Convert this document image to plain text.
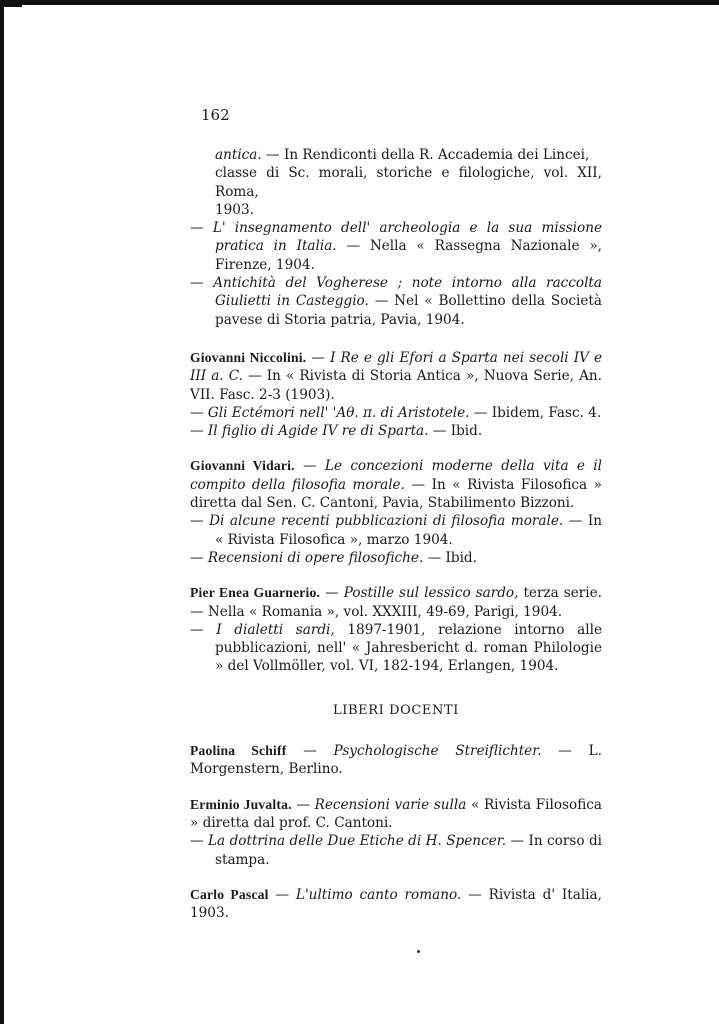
162
antica. — In Rendiconti della R. Accademia dei Lincei,
classe di Sc. morali, storiche e filologiche, vol. XII, Roma,
1903.
— L' insegnamento dell' archeologia e la sua missione pratica in Italia. — Nella « Rassegna Nazionale », Firenze, 1904.
— Antichità del Vogherese ; note intorno alla raccolta Giulietti in Casteggio. — Nel « Bollettino della Società pavese di Storia patria, Pavia, 1904.
Giovanni Niccolini. — I Re e gli Efori a Sparta nei secoli IV e III a. C. — In « Rivista di Storia Antica », Nuova Serie, An. VII. Fasc. 2-3 (1903).
— Gli Ectémori nell' 'Αθ. π. di Aristotele. — Ibidem, Fasc. 4.
— Il figlio di Agide IV re di Sparta. — Ibid.
Giovanni Vidari. — Le concezioni moderne della vita e il compito della filosofia morale. — In « Rivista Filosofica » diretta dal Sen. C. Cantoni, Pavia, Stabilimento Bizzoni.
— Di alcune recenti pubblicazioni di filosofia morale. — In « Rivista Filosofica », marzo 1904.
— Recensioni di opere filosofiche. — Ibid.
Pier Enea Guarnerio. — Postille sul lessico sardo, terza serie. — Nella « Romania », vol. XXXIII, 49-69, Parigi, 1904.
— I dialetti sardi, 1897-1901, relazione intorno alle pubblicazioni, nell' « Jahresbericht d. roman Philologie » del Vollmöller, vol. VI, 182-194, Erlangen, 1904.
LIBERI DOCENTI
Paolina Schiff — Psychologische Streiflichter. — L. Morgenstern, Berlino.
Erminio Juvalta. — Recensioni varie sulla « Rivista Filosofica » diretta dal prof. C. Cantoni.
— La dottrina delle Due Etiche di H. Spencer. — In corso di stampa.
Carlo Pascal — L'ultimo canto romano. — Rivista d' Italia, 1903.
